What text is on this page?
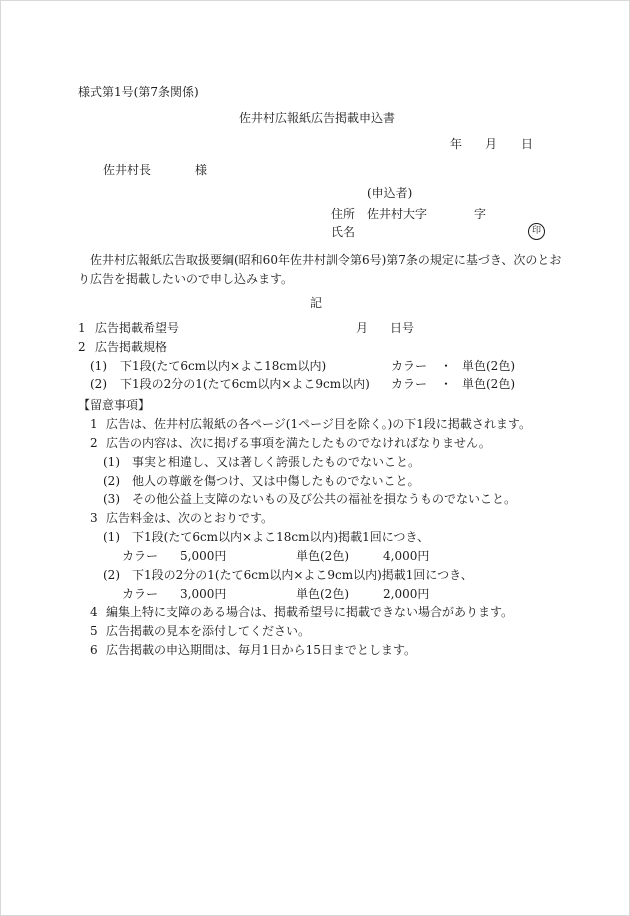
様式第1号(第7条関係)
佐井村広報紙広告掲載申込書
年 月 日
佐井村長	様
(申込者)
住所 佐井村大字	字
氏名	印
佐井村広報紙広告取扱要綱(昭和60年佐井村訓令第6号)第7条の規定に基づき、次のとお
り広告を掲載したいので申し込みます。
記
1 広告掲載希望号	月 日号
2 広告掲載規格
(1) 下1段(たて6cm以内×よこ18cm以内)	カラー ・ 単色(2色)
(2) 下1段の2分の1(たて6cm以内×よこ9cm以内) カラー ・ 単色(2色)
【留意事項】
1 広告は、佐井村広報紙の各ページ(1ページ目を除く。)の下1段に掲載されます。
2 広告の内容は、次に掲げる事項を満たしたものでなければなりません。
(1) 事実と相違し、又は著しく誇張したものでないこと。
(2) 他人の尊厳を傷つけ、又は中傷したものでないこと。
(3) その他公益上支障のないもの及び公共の福祉を損なうものでないこと。
3 広告料金は、次のとおりです。
(1) 下1段(たて6cm以内×よこ18cm以内)掲載1回につき、
カラー 5,000円	単色(2色)	4,000円
(2) 下1段の2分の1(たて6cm以内×よこ9cm以内)掲載1回につき、
カラー 3,000円	単色(2色)	2,000円
4 編集上特に支障のある場合は、掲載希望号に掲載できない場合があります。
5 広告掲載の見本を添付してください。
6 広告掲載の申込期間は、毎月1日から15日までとします。
